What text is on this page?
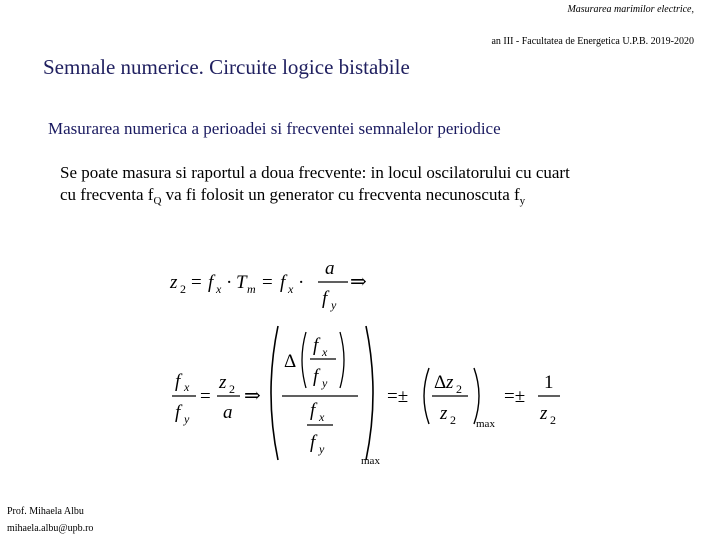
Masurarea marimilor electrice,
an III - Facultatea de Energetica U.P.B. 2019-2020
Semnale numerice. Circuite logice bistabile
Masurarea numerica a perioadei si frecventei semnalelor periodice
Se poate masura si raportul a doua frecvente: in locul oscilatorului cu cuart
cu frecventa $f_Q$ va fi folosit un generator cu frecventa necunoscuta $f_y$
z 2 = f x · T m = f x ·
a
f y
⇒
f x
f y
=
z 2
a
⇒
Δ
f x
f y
f x
f y
max
=±
Δ z 2
z 2 max
=±
1
z 2
Prof. Mihaela Albu
mihaela.albu@upb.ro
